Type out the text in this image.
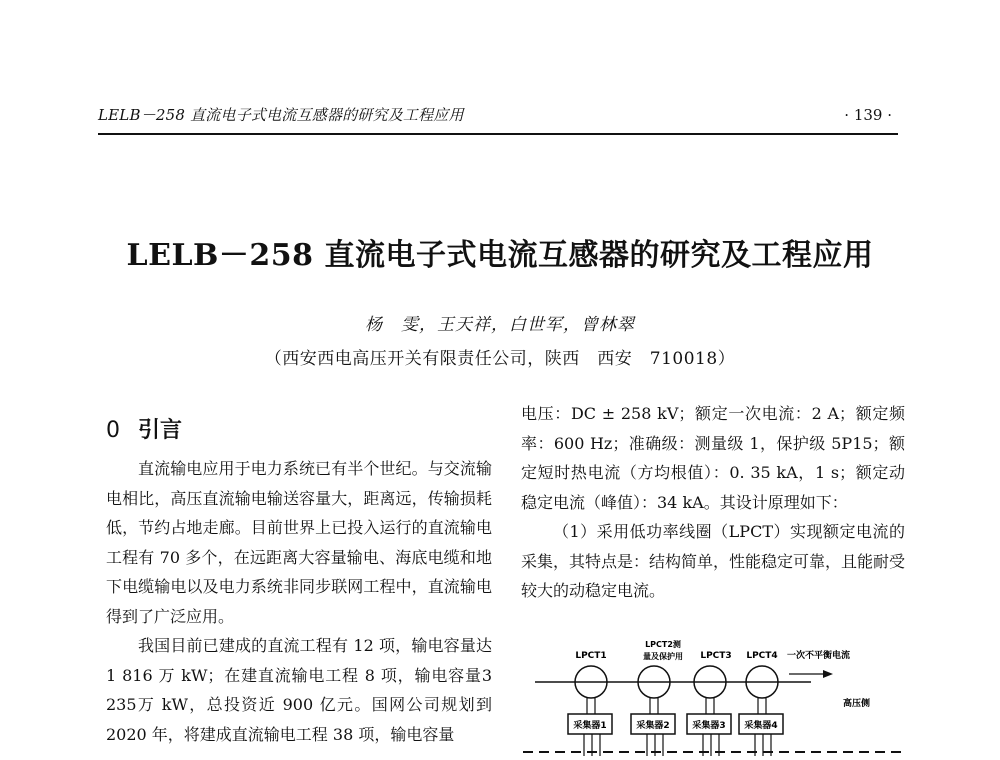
LELB－258 直流电子式电流互感器的研究及工程应用	· 139 ·
LELB－258 直流电子式电流互感器的研究及工程应用
杨　雯，王天祥，白世军，曾林翠
（西安西电高压开关有限责任公司，陕西　西安　710018）
0 引言

直流输电应用于电力系统已有半个世纪。与交流输电相比，高压直流输电输送容量大，距离远，传输损耗低，节约占地走廊。目前世界上已投入运行的直流输电工程有 70 多个，在远距离大容量输电、海底电缆和地下电缆输电以及电力系统非同步联网工程中，直流输电得到了广泛应用。

我国目前已建成的直流工程有 12 项，输电容量达 1 816 万 kW；在建直流输电工程 8 项，输电容量3 235万 kW，总投资近 900 亿元。国网公司规划到 2020 年，将建成直流输电工程 38 项，输电容量

电压：DC ± 258 kV；额定一次电流：2 A；额定频率：600 Hz；准确级：测量级 1，保护级 5P15；额定短时热电流（方均根值）：0. 35 kA，1 s；额定动稳定电流（峰值）：34 kA。其设计原理如下：

（1）采用低功率线圈（LPCT）实现额定电流的采集，其特点是：结构简单，性能稳定可靠，且能耐受较大的动稳定电流。

LPCT1
LPCT2测
量及保护用 LPCT3 LPCT4 一次不平衡电流
高压侧
采集器1	采集器2	采集器3 采集器4
